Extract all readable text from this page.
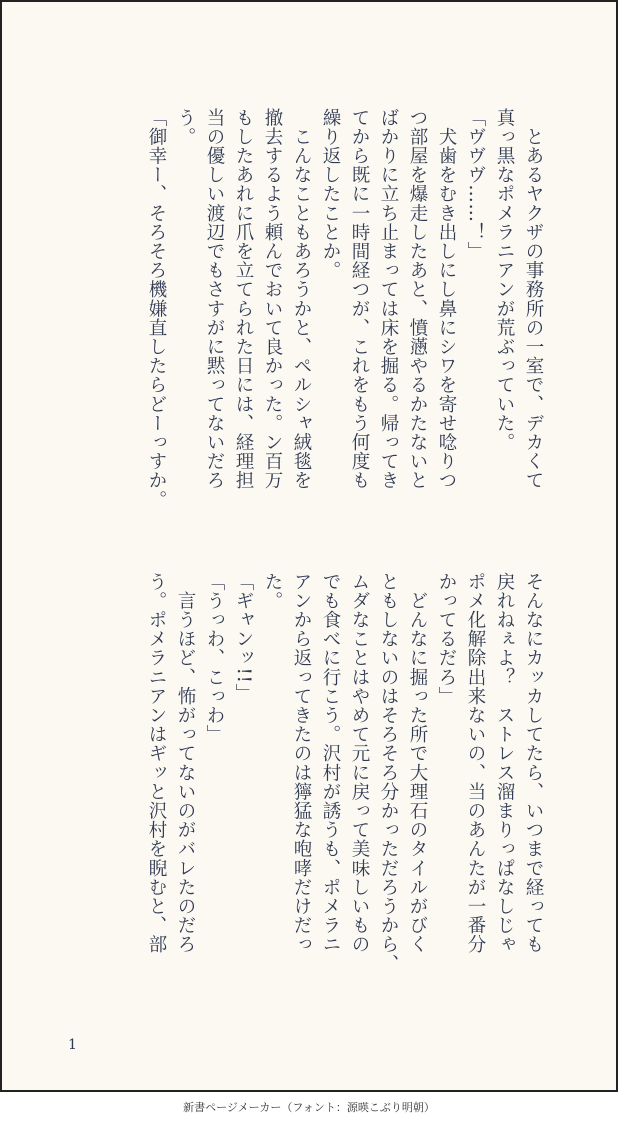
　とあるヤクザの事務所の一室で、デカくて
真っ黒なポメラニアンが荒ぶっていた。
「ヴヴヴ……！」
　犬歯をむき出しにし鼻にシワを寄せ唸りつ
つ部屋を爆走したあと、憤懣やるかたないと
ばかりに立ち止まっては床を掘る。帰ってき
てから既に一時間経つが、これをもう何度も
繰り返したことか。
　こんなこともあろうかと、ペルシャ絨毯を
撤去するよう頼んでおいて良かった。ン百万
もしたあれに爪を立てられた日には、経理担
当の優しい渡辺でもさすがに黙ってないだろ
う。
「御幸ー、そろそろ機嫌直したらどーっすか。
そんなにカッカしてたら、いつまで経っても
戻れねぇよ？　ストレス溜まりっぱなしじゃ
ポメ化解除出来ないの、当のあんたが一番分
かってるだろ」
　どんなに掘った所で大理石のタイルがびく
ともしないのはそろそろ分かっただろうから、
ムダなことはやめて元に戻って美味しいもの
でも食べに行こう。沢村が誘うも、ポメラニ
アンから返ってきたのは獰猛な咆哮だけだっ
た。
「ギャンッ!!」
「うっわ、こっわ」
　言うほど、怖がってないのがバレたのだろ
う。ポメラニアンはギッと沢村を睨むと、部
1
新書ページメーカー（フォント：源暎こぶり明朝）
